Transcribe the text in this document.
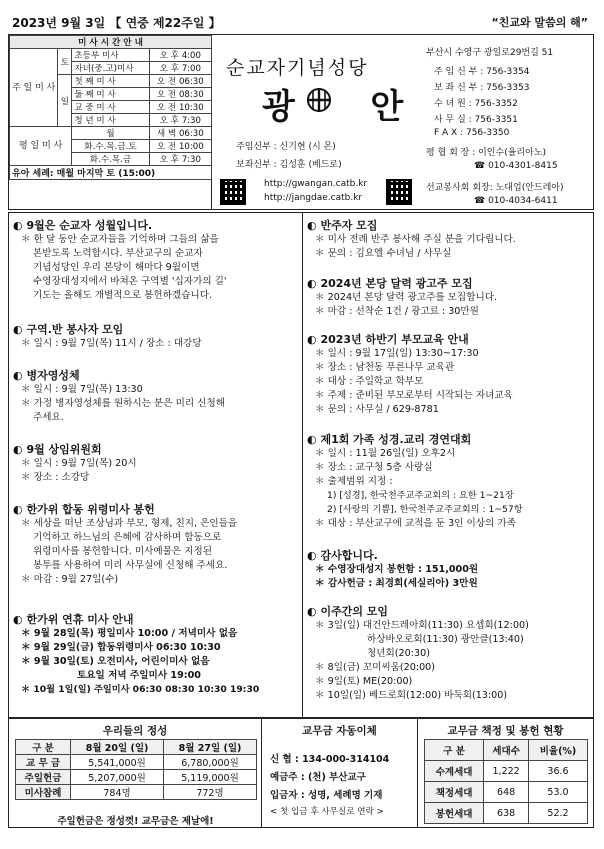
2023년 9월 3일 【 연중 제22주일 】	“친교와 말씀의 해”
미 사 시 간 안 내			
주 일 미 사	토	초등부 미사	오 후 4:00
		자녀(중.고)미사	오 후 7:00
	일	첫 째 미 사	오 전 06:30
		둘 째 미 사	오 전 08:30
		교 중 미 사	오 전 10:30
		청 년 미 사	오 후 7:30
평 일 미 사		월	새 벽 06:30
		화.수.목.금.토	오 전 10:00
		화.수.목.금	오 후 7:30
유아 세례: 매월 마지막 토 (15:00)			
순교자기념성당
광 안
주임신부 : 신기현 (시 몬)
보좌신부 : 김성훈 (베드로)
http://gwangan.catb.kr
http://jangdae.catb.kr
부산시 수영구 광일로29번길 51
주 임 신 부 : 756-3354
보 좌 신 부 : 756-3353
수 녀 원 : 756-3352
사 무 실 : 756-3351
F A X : 756-3350
평 협 회 장 : 이인수(율리아노)
☎ 010-4301-8415
선교봉사회 회장: 노대업(안드레아)
☎ 010-4034-6411
◐ 9월은 순교자 성월입니다.

＊ 한 달 동안 순교자들을 기억하며 그들의 삶을

본받도록 노력합시다. 부산교구의 순교자

기념성당인 우리 본당이 해마다 9월이면

수영장대성지에서 바쳐온 구역별 '십자가의 길'

기도는 올해도 개별적으로 봉헌하겠습니다.

◐ 구역.반 봉사자 모임

＊ 일시 : 9월 7일(목) 11시 / 장소 : 대강당

◐ 병자영성체

＊ 일시 : 9월 7일(목) 13:30

＊ 가정 병자영성체를 원하시는 분은 미리 신청해

주세요.

◐ 9월 상임위원회

＊ 일시 : 9월 7일(목) 20시

＊ 장소 : 소강당

◐ 한가위 합동 위령미사 봉헌

＊ 세상을 떠난 조상님과 부모, 형제, 친지, 은인들을

기억하고 하느님의 은혜에 감사하며 합동으로

위령미사를 봉헌합니다. 미사예물은 지정된

봉투를 사용하여 미리 사무실에 신청해 주세요.

＊ 마감 : 9월 27일(수)

◐ 한가위 연휴 미사 안내

＊ 9월 28일(목) 평일미사 10:00 / 저녁미사 없음

＊ 9월 29일(금) 합동위령미사 06:30 10:30

＊ 9월 30일(토) 오전미사, 어린이미사 없음

토요일 저녁 주일미사 19:00

＊ 10월 1일(일) 주일미사 06:30 08:30 10:30 19:30

◐ 반주자 모집

＊ 미사 전례 반주 봉사해 주실 분을 기다립니다.

＊ 문의 : 김요엘 수녀님 / 사무실

◐ 2024년 본당 달력 광고주 모집

＊ 2024년 본당 달력 광고주를 모집합니다.

＊ 마감 : 선착순 1건 / 광고료 : 30만원

◐ 2023년 하반기 부모교육 안내

＊ 일시 : 9월 17일(일) 13:30~17:30

＊ 장소 : 남천동 푸른나무 교육관

＊ 대상 : 주일학교 학부모

＊ 주제 : 준비된 부모로부터 시작되는 자녀교육

＊ 문의 : 사무실 / 629-8781

◐ 제1회 가족 성경.교리 경연대회

＊ 일시 : 11월 26일(일) 오후2시

＊ 장소 : 교구청 5층 사랑실

＊ 출제범위 지정 :

1) [성경], 한국천주교주교회의 : 요한 1~21장

2) [사랑의 기쁨], 한국천주교주교회의 : 1~57항

＊ 대상 : 부산교구에 교적을 둔 3인 이상의 가족

◐ 감사합니다.

＊ 수영장대성지 봉헌함 : 151,000원

＊ 감사헌금 : 최경희(세실리아) 3만원

◐ 이주간의 모임

＊ 3일(일) 대건안드레아회(11:30) 요셉회(12:00)

하상바오로회(11:30) 광안클(13:40)

청년회(20:30)

＊ 8일(금) 꼬미씨움(20:00)

＊ 9일(토) ME(20:00)

＊ 10일(일) 베드로회(12:00) 바둑회(13:00)

우리들의 정성
구 분	8월 20일 (일)	8월 27일 (일)
교 무 금	5,541,000원	6,780,000원
주일헌금	5,207,000원	5,119,000원
미사참례	784명	772명
주일헌금은 정성껏! 교무금은 제날에!
교무금 자동이체
신 협 : 134-000-314104
예금주 : (천) 부산교구
입금자 : 성명, 세례명 기재
< 첫 입금 후 사무실로 연락 >
교무금 책정 및 봉헌 현황
구 분	세대수	비율(%)
수계세대	1,222	36.6
책정세대	648	53.0
봉헌세대	638	52.2
